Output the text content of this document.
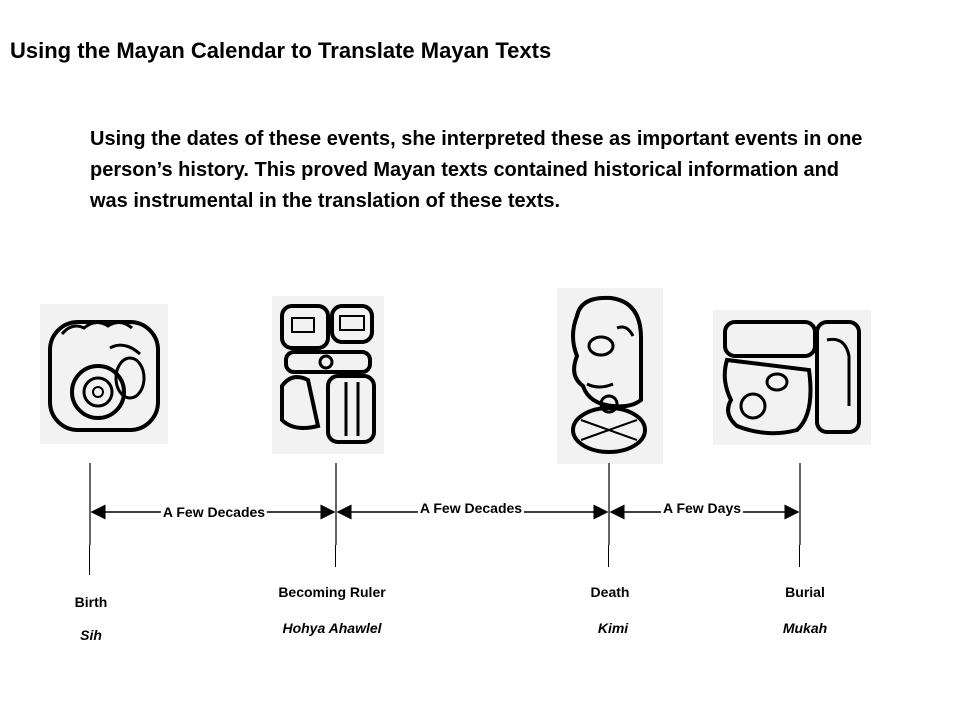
Using the Mayan Calendar to Translate Mayan Texts

Using the dates of these events, she interpreted these as important events in one person’s history. This proved Mayan texts contained historical information and was instrumental in the translation of these texts.

A Few Decades	A Few Decades	A Few Days
Birth
Sih
Becoming Ruler
Hohya Ahawlel
Death
Kimi
Burial
Mukah
